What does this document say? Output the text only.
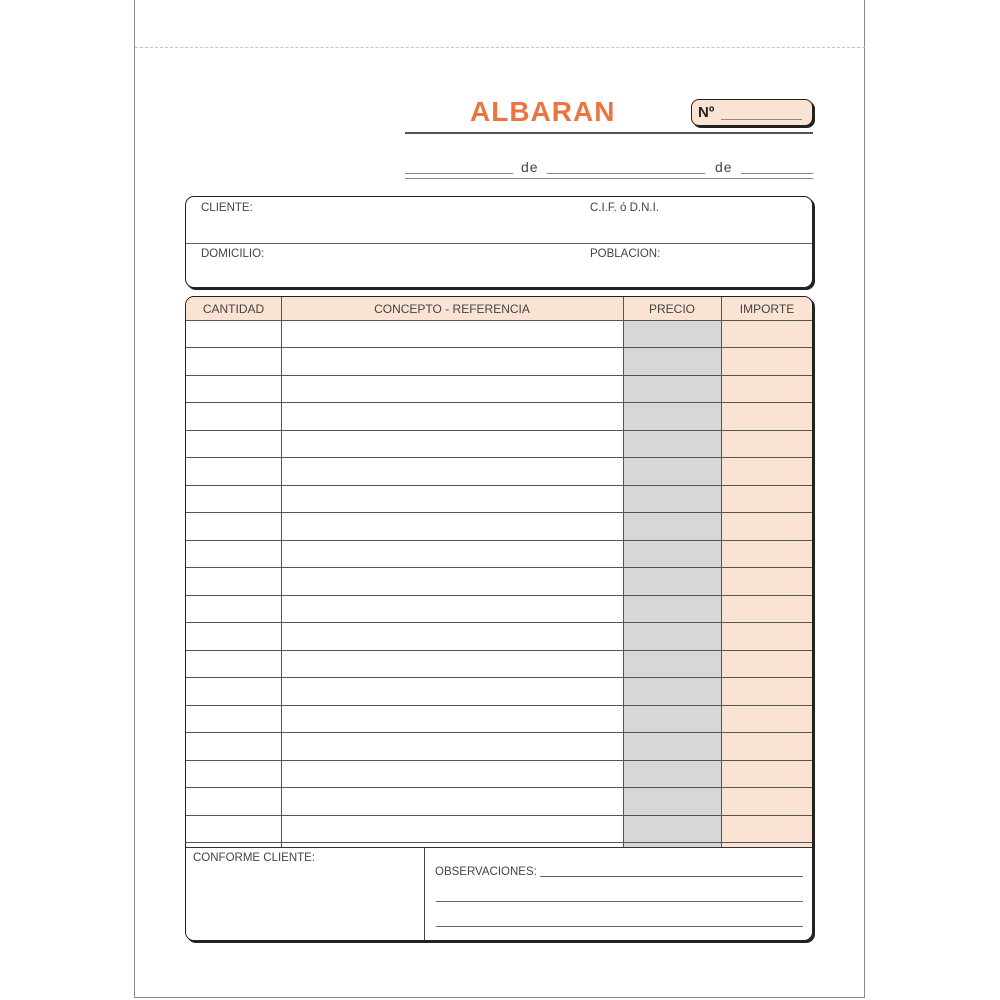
ALBARAN	Nº
de	de
CLIENTE:	C.I.F. ó D.N.I.
DOMICILIO:	POBLACION:
CANTIDAD	CONCEPTO - REFERENCIA	PRECIO	IMPORTE
CONFORME CLIENTE:
OBSERVACIONES:
